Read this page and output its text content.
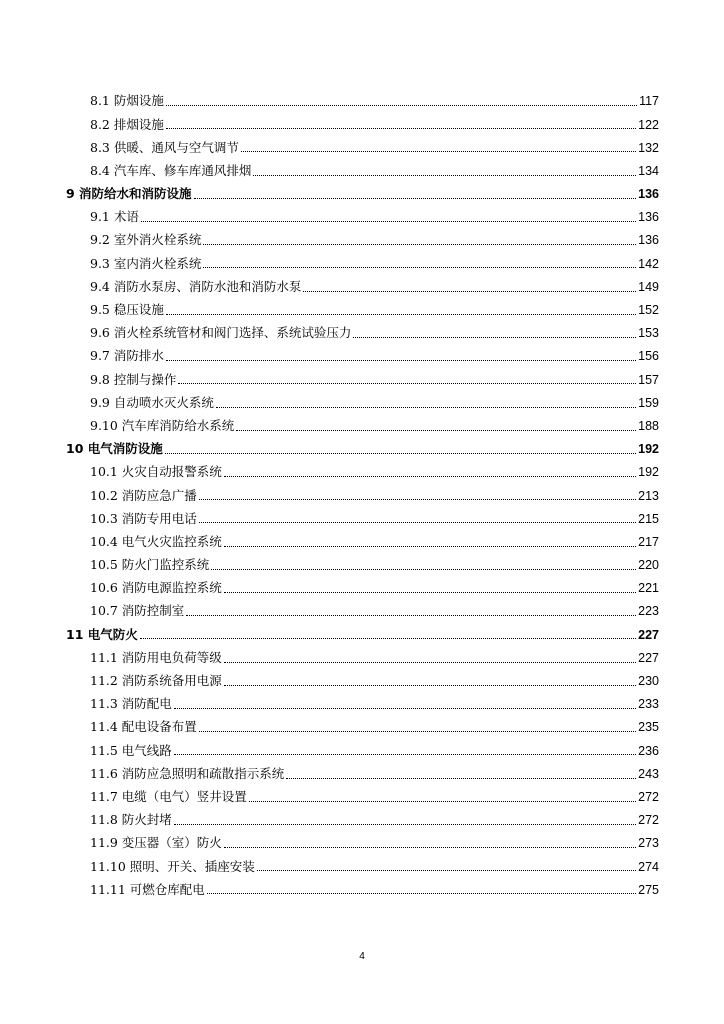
8.1 防烟设施	117
8.2 排烟设施	122
8.3 供暖、通风与空气调节	132
8.4 汽车库、修车库通风排烟	134
9 消防给水和消防设施	136
9.1 术语	136
9.2 室外消火栓系统	136
9.3 室内消火栓系统	142
9.4 消防水泵房、消防水池和消防水泵	149
9.5 稳压设施	152
9.6 消火栓系统管材和阀门选择、系统试验压力	153
9.7 消防排水	156
9.8 控制与操作	157
9.9 自动喷水灭火系统	159
9.10 汽车库消防给水系统	188
10 电气消防设施	192
10.1 火灾自动报警系统	192
10.2 消防应急广播	213
10.3 消防专用电话	215
10.4 电气火灾监控系统	217
10.5 防火门监控系统	220
10.6 消防电源监控系统	221
10.7 消防控制室	223
11 电气防火	227
11.1 消防用电负荷等级	227
11.2 消防系统备用电源	230
11.3 消防配电	233
11.4 配电设备布置	235
11.5 电气线路	236
11.6 消防应急照明和疏散指示系统	243
11.7 电缆（电气）竖井设置	272
11.8 防火封堵	272
11.9 变压器（室）防火	273
11.10 照明、开关、插座安装	274
11.11 可燃仓库配电	275
4
